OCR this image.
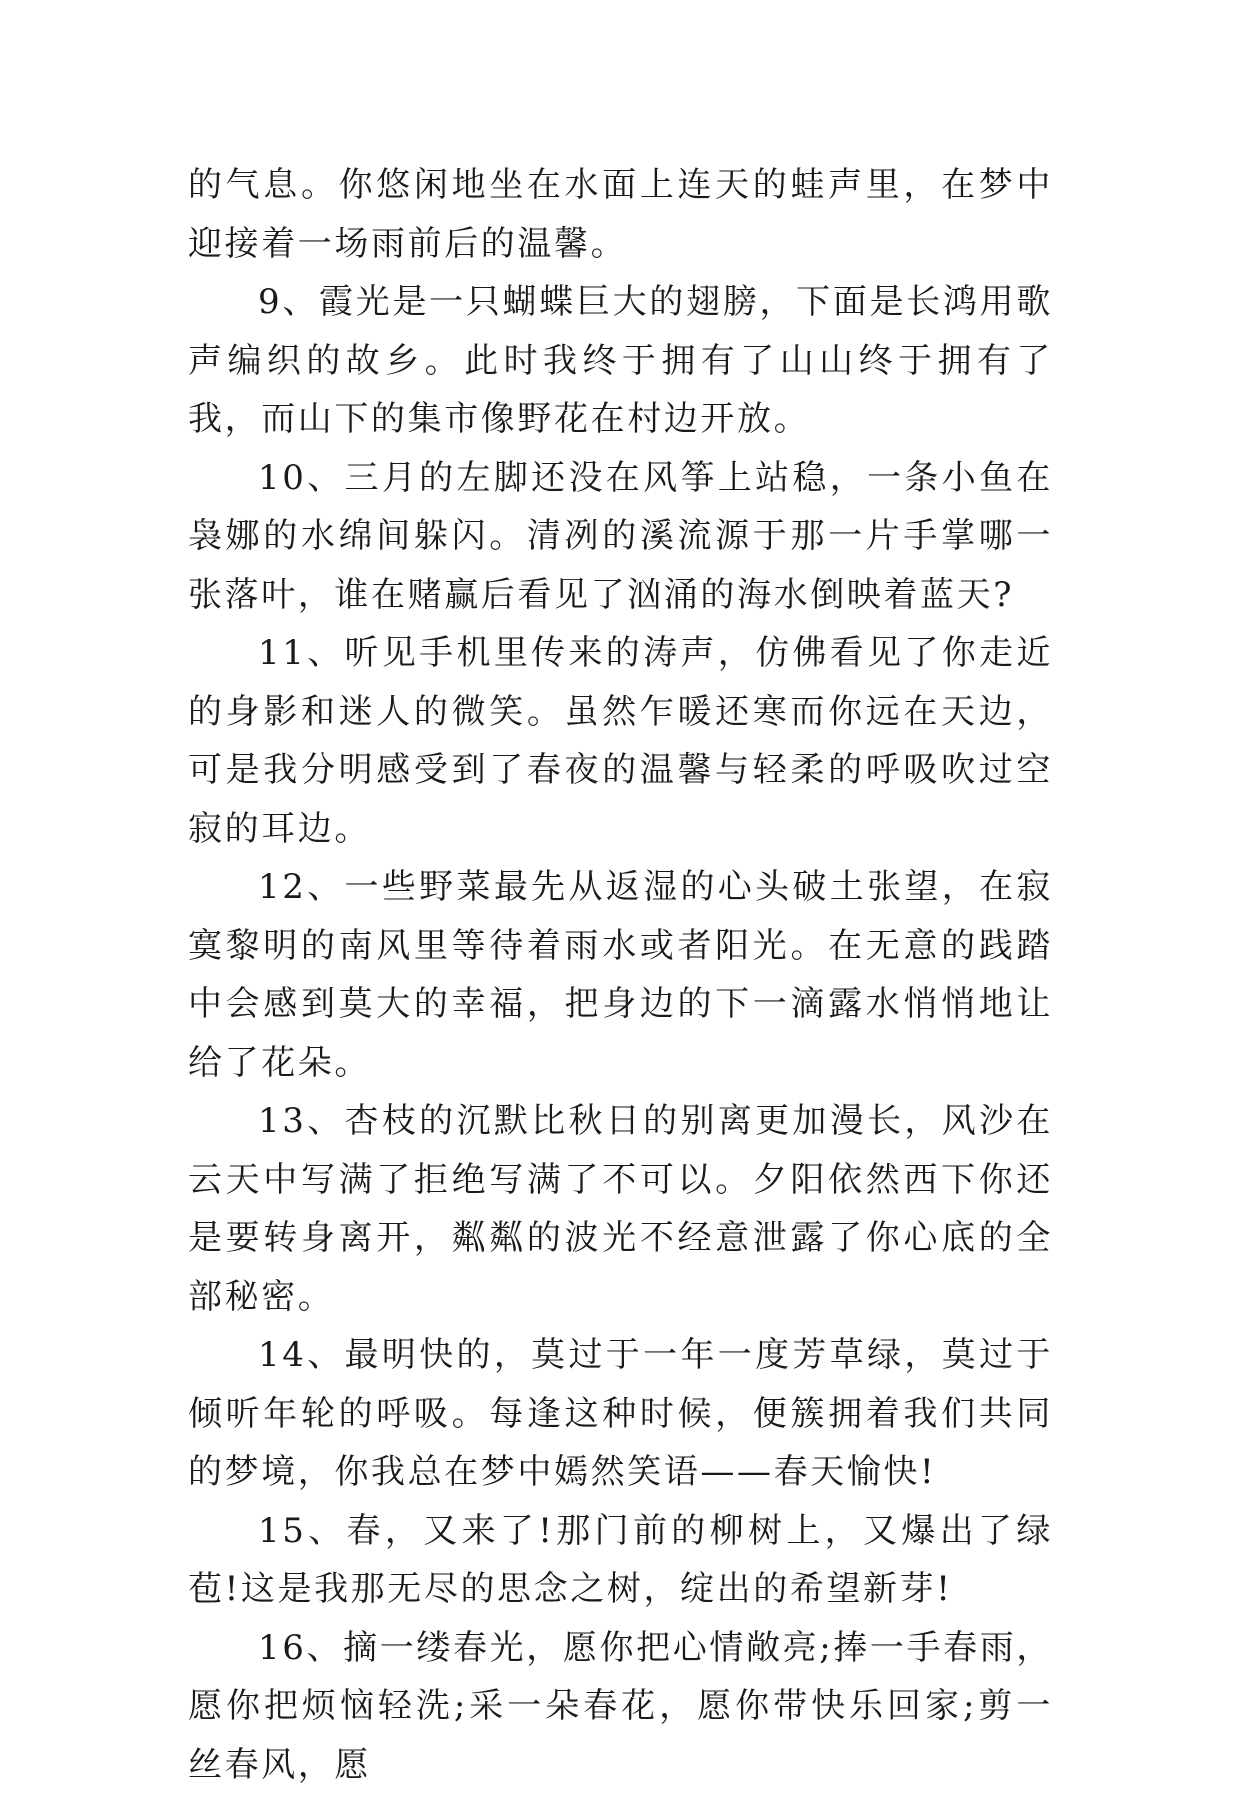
的气息。你悠闲地坐在水面上连天的蛙声里，在梦中迎接着一场雨前后的温馨。

9、霞光是一只蝴蝶巨大的翅膀，下面是长鸿用歌声编织的故乡。此时我终于拥有了山山终于拥有了我，而山下的集市像野花在村边开放。

10、三月的左脚还没在风筝上站稳，一条小鱼在袅娜的水绵间躲闪。清冽的溪流源于那一片手掌哪一张落叶，谁在赌赢后看见了汹涌的海水倒映着蓝天?

11、听见手机里传来的涛声，仿佛看见了你走近的身影和迷人的微笑。虽然乍暖还寒而你远在天边，可是我分明感受到了春夜的温馨与轻柔的呼吸吹过空寂的耳边。

12、一些野菜最先从返湿的心头破土张望，在寂寞黎明的南风里等待着雨水或者阳光。在无意的践踏中会感到莫大的幸福，把身边的下一滴露水悄悄地让给了花朵。

13、杏枝的沉默比秋日的别离更加漫长，风沙在云天中写满了拒绝写满了不可以。夕阳依然西下你还是要转身离开，粼粼的波光不经意泄露了你心底的全部秘密。

14、最明快的，莫过于一年一度芳草绿，莫过于倾听年轮的呼吸。每逢这种时候，便簇拥着我们共同的梦境，你我总在梦中嫣然笑语——春天愉快!

15、春，又来了!那门前的柳树上，又爆出了绿苞!这是我那无尽的思念之树，绽出的希望新芽!

16、摘一缕春光，愿你把心情敞亮;捧一手春雨，愿你把烦恼轻洗;采一朵春花，愿你带快乐回家;剪一丝春风，愿
